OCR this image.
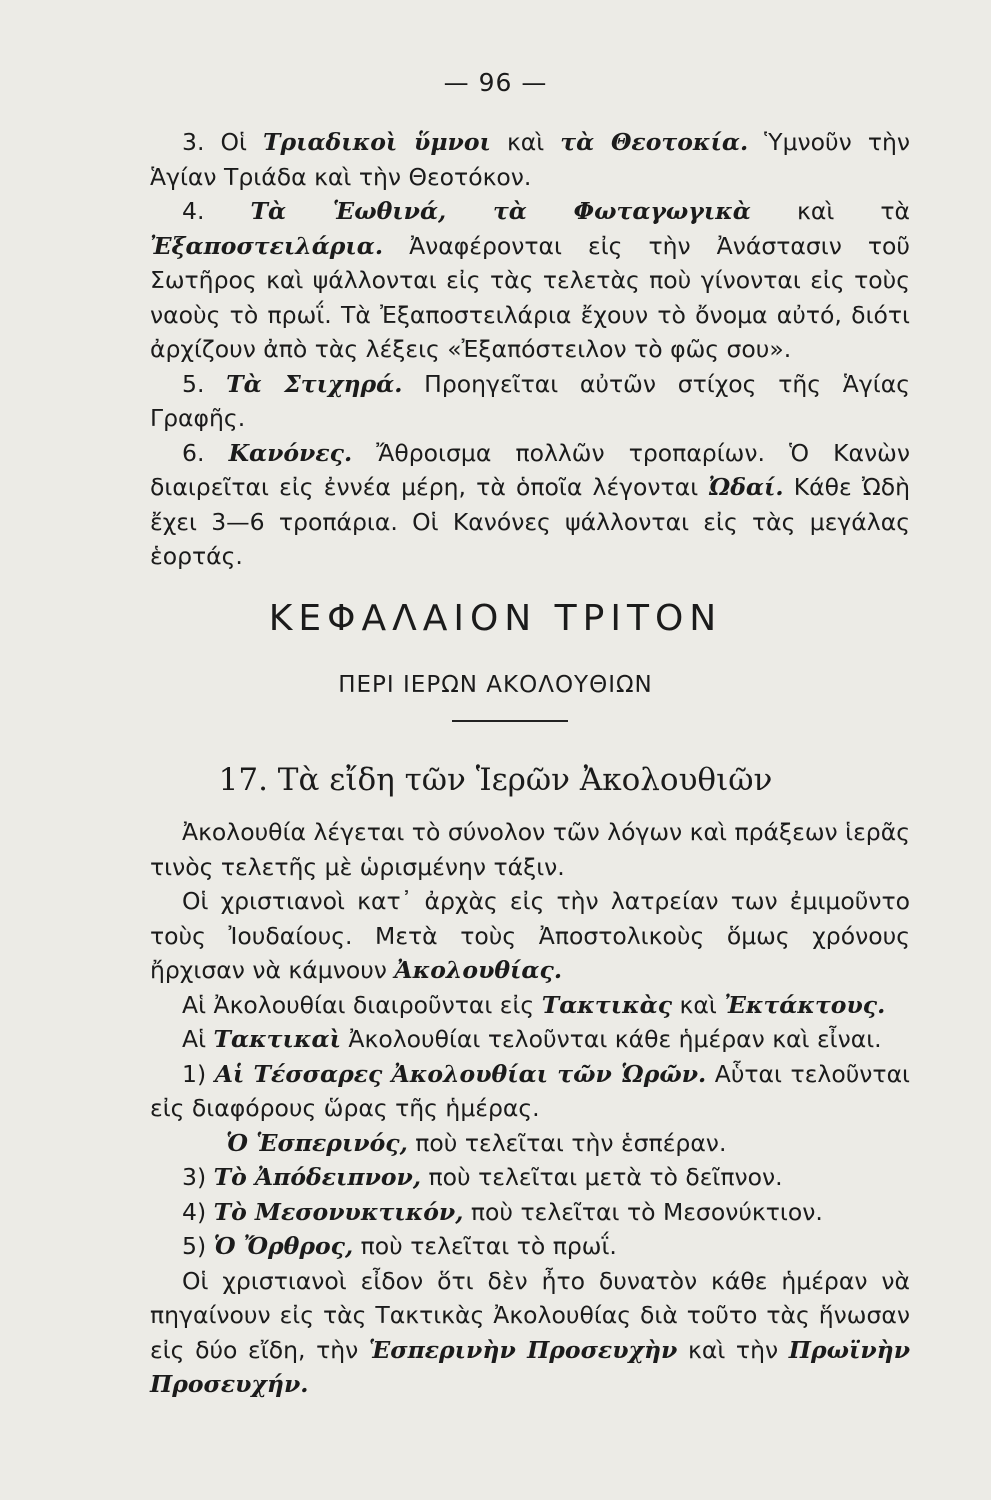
— 96 —

3. Οἱ Τριαδικοὶ ὕμνοι καὶ τὰ Θεοτοκία. Ὑμνοῦν τὴν Ἁγίαν Τριάδα καὶ τὴν Θεοτόκον.

4. Τὰ Ἑωθινά, τὰ Φωταγωγικὰ καὶ τὰ Ἐξαποστειλάρια. Ἀναφέρονται εἰς τὴν Ἀνάστασιν τοῦ Σωτῆρος καὶ ψάλλονται εἰς τὰς τελετὰς ποὺ γίνονται εἰς τοὺς ναοὺς τὸ πρωΐ. Τὰ Ἐξαποστειλάρια ἔχουν τὸ ὄνομα αὐτό, διότι ἀρχίζουν ἀπὸ τὰς λέξεις «Ἐξαπόστειλον τὸ φῶς σου».

5. Τὰ Στιχηρά. Προηγεῖται αὐτῶν στίχος τῆς Ἁγίας Γραφῆς.

6. Κανόνες. Ἄθροισμα πολλῶν τροπαρίων. Ὁ Κανὼν διαιρεῖται εἰς ἐννέα μέρη, τὰ ὁποῖα λέγονται Ὠδαί. Κάθε Ὠδὴ ἔχει 3—6 τροπάρια. Οἱ Κανόνες ψάλλονται εἰς τὰς μεγάλας ἑορτάς.

ΚΕΦΑΛΑΙΟΝ ΤΡΙΤΟΝ
ΠΕΡΙ ΙΕΡΩΝ ΑΚΟΛΟΥΘΙΩΝ
17. Τὰ εἴδη τῶν Ἱερῶν Ἀκολουθιῶν

Ἀκολουθία λέγεται τὸ σύνολον τῶν λόγων καὶ πράξεων ἱερᾶς τινὸς τελετῆς μὲ ὡρισμένην τάξιν.

Οἱ χριστιανοὶ κατ᾿ ἀρχὰς εἰς τὴν λατρείαν των ἐμιμοῦντο τοὺς Ἰουδαίους. Μετὰ τοὺς Ἀποστολικοὺς ὅμως χρόνους ἤρχισαν νὰ κάμνουν Ἀκολουθίας.

Αἱ Ἀκολουθίαι διαιροῦνται εἰς Τακτικὰς καὶ Ἐκτάκτους.

Αἱ Τακτικαὶ Ἀκολουθίαι τελοῦνται κάθε ἡμέραν καὶ εἶναι.

1) Αἱ Τέσσαρες Ἀκολουθίαι τῶν Ὡρῶν. Αὗται τελοῦνται εἰς διαφόρους ὥρας τῆς ἡμέρας.

Ὁ Ἑσπερινός, ποὺ τελεῖται τὴν ἑσπέραν.

3) Τὸ Ἀπόδειπνον, ποὺ τελεῖται μετὰ τὸ δεῖπνον.

4) Τὸ Μεσονυκτικόν, ποὺ τελεῖται τὸ Μεσονύκτιον.

5) Ὁ Ὄρθρος, ποὺ τελεῖται τὸ πρωΐ.

Οἱ χριστιανοὶ εἶδον ὅτι δὲν ἦτο δυνατὸν κάθε ἡμέραν νὰ πηγαίνουν εἰς τὰς Τακτικὰς Ἀκολουθίας διὰ τοῦτο τὰς ἥνωσαν εἰς δύο εἴδη, τὴν Ἑσπερινὴν Προσευχὴν καὶ τὴν Πρωϊνὴν Προσευχήν.
